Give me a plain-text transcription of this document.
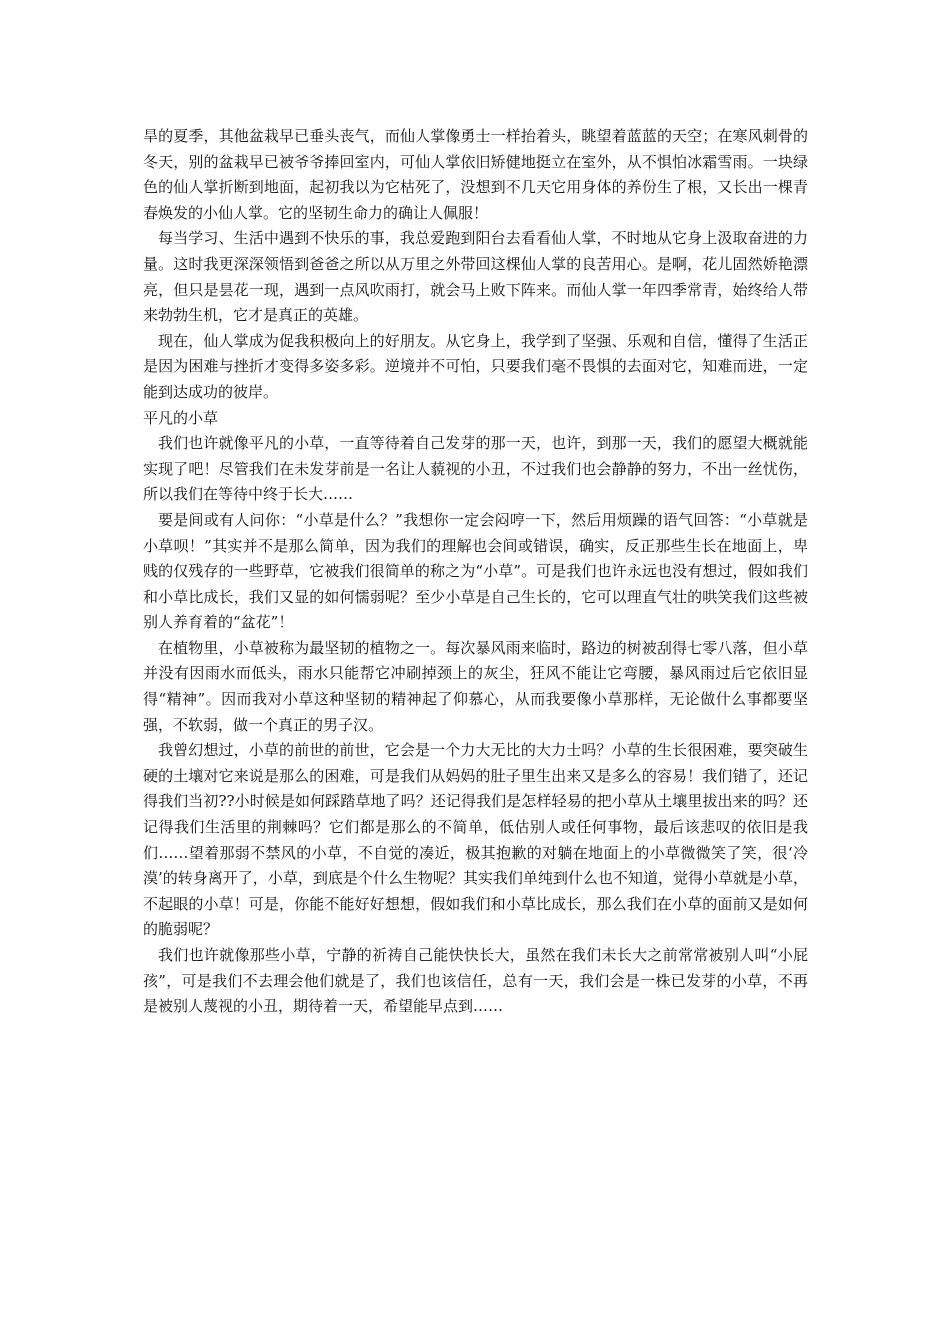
旱的夏季，其他盆栽早已垂头丧气，而仙人掌像勇士一样抬着头，眺望着蓝蓝的天空；在寒风刺骨的冬天，别的盆栽早已被爷爷捧回室内，可仙人掌依旧矫健地挺立在室外，从不惧怕冰霜雪雨。一块绿色的仙人掌折断到地面，起初我以为它枯死了，没想到不几天它用身体的养份生了根，又长出一棵青春焕发的小仙人掌。它的坚韧生命力的确让人佩服！

每当学习、生活中遇到不快乐的事，我总爱跑到阳台去看看仙人掌，不时地从它身上汲取奋进的力量。这时我更深深领悟到爸爸之所以从万里之外带回这棵仙人掌的良苦用心。是啊，花儿固然娇艳漂亮，但只是昙花一现，遇到一点风吹雨打，就会马上败下阵来。而仙人掌一年四季常青，始终给人带来勃勃生机，它才是真正的英雄。

现在，仙人掌成为促我积极向上的好朋友。从它身上，我学到了坚强、乐观和自信，懂得了生活正是因为困难与挫折才变得多姿多彩。逆境并不可怕，只要我们毫不畏惧的去面对它，知难而进，一定能到达成功的彼岸。

平凡的小草

我们也许就像平凡的小草，一直等待着自己发芽的那一天，也许，到那一天，我们的愿望大概就能实现了吧！尽管我们在未发芽前是一名让人藐视的小丑，不过我们也会静静的努力，不出一丝忧伤，所以我们在等待中终于长大……

要是间或有人问你：“小草是什么？”我想你一定会闷哼一下，然后用烦躁的语气回答：“小草就是小草呗！”其实并不是那么简单，因为我们的理解也会间或错误，确实，反正那些生长在地面上，卑贱的仅残存的一些野草，它被我们很简单的称之为“小草”。可是我们也许永远也没有想过，假如我们和小草比成长，我们又显的如何懦弱呢？至少小草是自己生长的，它可以理直气壮的哄笑我们这些被别人养育着的“盆花”！

在植物里，小草被称为最坚韧的植物之一。每次暴风雨来临时，路边的树被刮得七零八落，但小草并没有因雨水而低头，雨水只能帮它冲刷掉颈上的灰尘，狂风不能让它弯腰，暴风雨过后它依旧显得“精神”。因而我对小草这种坚韧的精神起了仰慕心，从而我要像小草那样，无论做什么事都要坚强，不软弱，做一个真正的男子汉。

我曾幻想过，小草的前世的前世，它会是一个力大无比的大力士吗？小草的生长很困难，要突破生硬的土壤对它来说是那么的困难，可是我们从妈妈的肚子里生出来又是多么的容易！我们错了，还记得我们当初??小时候是如何踩踏草地了吗？还记得我们是怎样轻易的把小草从土壤里拔出来的吗？还记得我们生活里的荆棘吗？它们都是那么的不简单，低估别人或任何事物，最后该悲叹的依旧是我们……望着那弱不禁风的小草，不自觉的凑近，极其抱歉的对躺在地面上的小草微微笑了笑，很‘冷漠’的转身离开了，小草，到底是个什么生物呢？其实我们单纯到什么也不知道，觉得小草就是小草，不起眼的小草！可是，你能不能好好想想，假如我们和小草比成长，那么我们在小草的面前又是如何的脆弱呢？

我们也许就像那些小草，宁静的祈祷自己能快快长大，虽然在我们未长大之前常常被别人叫“小屁孩”，可是我们不去理会他们就是了，我们也该信任，总有一天，我们会是一株已发芽的小草，不再是被别人蔑视的小丑，期待着一天，希望能早点到……
